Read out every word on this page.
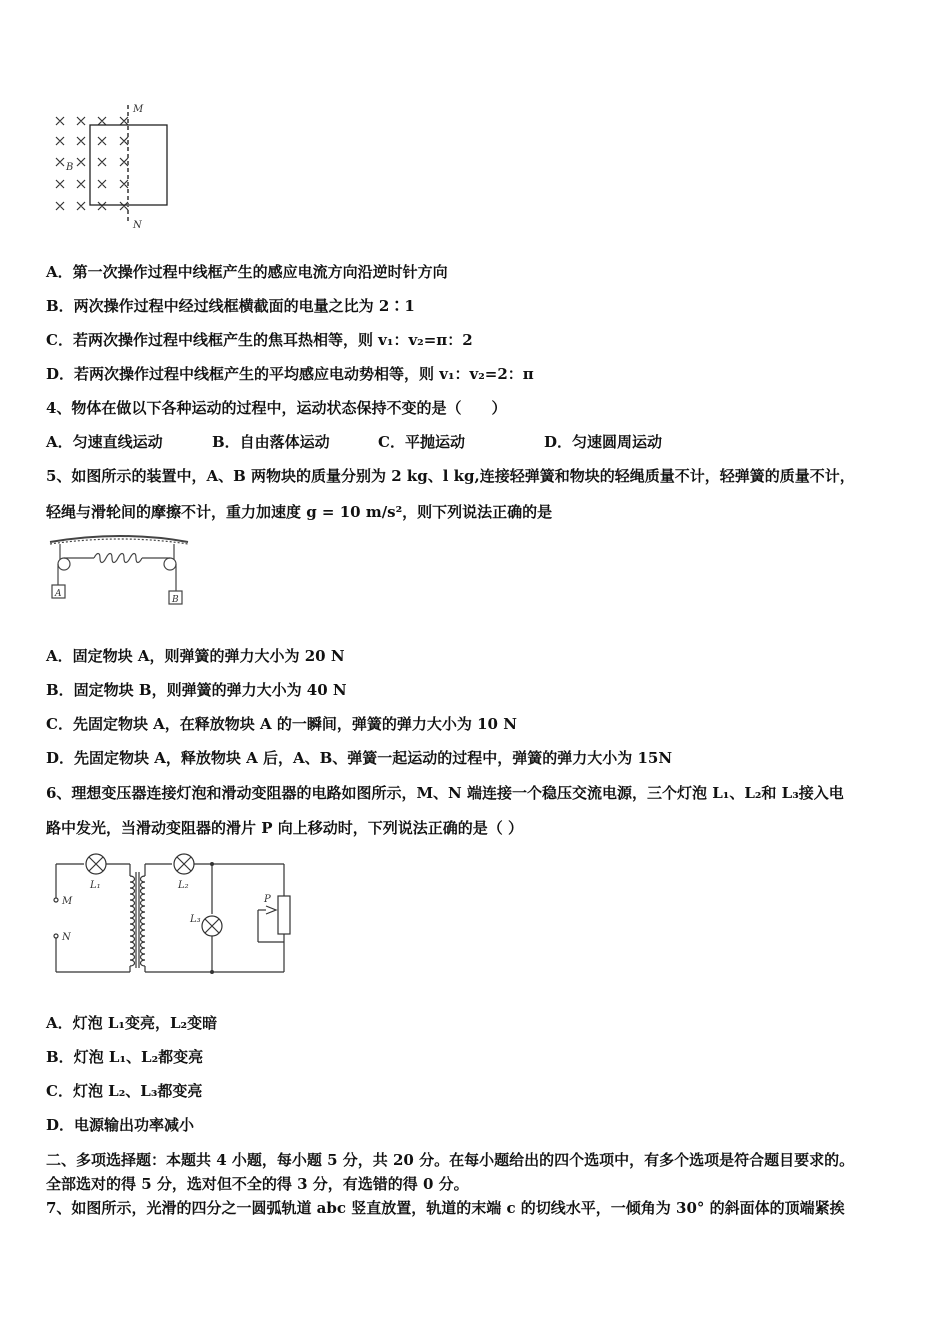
M
N
B
A．第一次操作过程中线框产生的感应电流方向沿逆时针方向
B．两次操作过程中经过线框横截面的电量之比为 2∶1
C．若两次操作过程中线框产生的焦耳热相等，则 v₁：v₂=π：2
D．若两次操作过程中线框产生的平均感应电动势相等，则 v₁：v₂=2：π
4、物体在做以下各种运动的过程中，运动状态保持不变的是（　　）
A．匀速直线运动	B．自由落体运动	C．平抛运动	D．匀速圆周运动
5、如图所示的装置中，A、B 两物块的质量分别为 2 kg、l kg,连接轻弹簧和物块的轻绳质量不计，轻弹簧的质量不计，
轻绳与滑轮间的摩擦不计，重力加速度 g = 10 m/s²，则下列说法正确的是
A
B
A．固定物块 A，则弹簧的弹力大小为 20 N
B．固定物块 B，则弹簧的弹力大小为 40 N
C．先固定物块 A，在释放物块 A 的一瞬间，弹簧的弹力大小为 10 N
D．先固定物块 A，释放物块 A 后，A、B、弹簧一起运动的过程中，弹簧的弹力大小为 15N
6、理想变压器连接灯泡和滑动变阻器的电路如图所示，M、N 端连接一个稳压交流电源，三个灯泡 L₁、L₂和 L₃接入电
路中发光，当滑动变阻器的滑片 P 向上移动时，下列说法正确的是（ ）
M
N
L₁	L₂
L₃
P
A．灯泡 L₁变亮，L₂变暗
B．灯泡 L₁、L₂都变亮
C．灯泡 L₂、L₃都变亮
D．电源输出功率减小
二、多项选择题：本题共 4 小题，每小题 5 分，共 20 分。在每小题给出的四个选项中，有多个选项是符合题目要求的。
全部选对的得 5 分，选对但不全的得 3 分，有选错的得 0 分。
7、如图所示，光滑的四分之一圆弧轨道 abc 竖直放置，轨道的末端 c 的切线水平，一倾角为 30° 的斜面体的顶端紧挨
